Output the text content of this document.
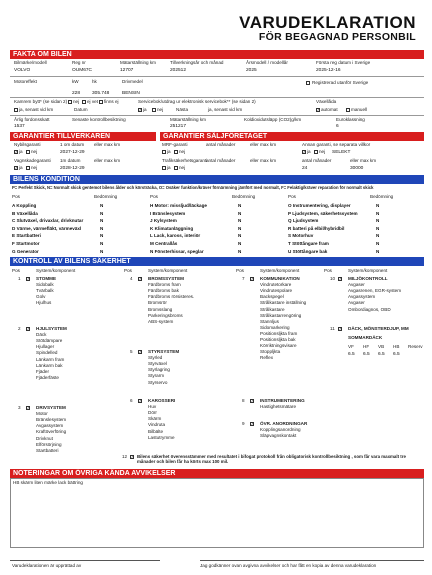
VARUDEKLARATION
FÖR BEGAGNAD PERSONBIL
FAKTA OM BILEN
Bilmärke/modell
VOLVO
Reg nr
OUM67C
Mätarställning km
12707
Tillverkningsår och månad
202512
Årsmodell / modellår
2025
Första reg datum i Sverige
2025-12-16
Motoreffekt	kW	hk	Drivmedel
228 305.748	BENSIN
Registrerad utanför Sverige
Kamrem bytt* (se sidan 2) nej ej vet finns ej	Servicebok/utdrag ur elektronisk servicebok** (se sidan 2)	Växellåda
ja, senast vid km	Datum ✓	ja nej	Nästa	ja, senast vid km ✓	automat	manuell
Årlig fordonsskatt
1537
Senaste kontrollbesiktning	Mätarställning km
251217
Koldioxidutsläpp (CO2)g/km	Euroklassning
6
GARANTIER TILLVERKAREN	GARANTIER SÄLJFÖRETAGET
Nybilsgaranti	1 om datum eller max km
✓
ja nej	2027-12-29
Vagnskadegaranti 1m datum	eller max km
✓
ja nej	2028-12-29
MRF-garanti	antal månader	eller max km	Annan garanti, se separata villkor
ja nej ✓	ja nej SELEKT
Trafiksäkerhetsgaranti
antal månader	eller max km	antal månader	eller max km
ja nej	24	30000
BILENS KONDITION
P= Perfekt Skick, N= Normalt skick gentemot bilens ålder och körsträcka, O= Osäker funktion/kräver förnärmning jämfört med normalt, F= Felaktig/kräver reparation för normalt skick
Pos	Bedömning
A Koppling	N
B Växellåda	N
C Slutväxel, drivaxlar, drivknutar	N
D Värme, värmefläkt, värmeväxl	N
E Startbatteri	N
F Startmotor	N
G Generator	N
Pos	Bedömning
H Motor: missljud/läckage	N
I Bränslesystem	N
J Kylsystem	N
K Klimatanläggning	N
L Lack, kaross, interiör	N
M Centrallås	N
N Fönsterhissar, speglar	N
Pos	Bedömning
O Instrumentering, displayer	N
P Ljudsystem, säkerhetssystem	N
Q Ljudsystem	N
R batteri på elbil/hybridbil	N
S Motorhuv	N
T Stöttångare fram	N
U Stöttångare bak	N
KONTROLL AV BILENS SÄKERHET
Pos	System/komponent
1 ✓	STOMME
Sidobalk
Tvärbalk
Golv
Hjulhus
2 ✓	HJULSYSTEM
Däck
Stötdämpare
Hjullager
Spindelled
Länkarm fram
Länkarm bak
Fjäder
Fjäderfäste
3 ✓	DRIVSYSTEM
Motor
Bränslesystem
Avgassystem
Kraftöverföring
Drivknut
Elförsörjning
Startbatteri
Pos	System/komponent
4 ✓	BROMSSYSTEM
Färdbroms fram
Färdbroms bak
Färdbroms rörsisteres.
Bromsrör
Bromsslang
Parkeringsbroms
ABS-system
5 ✓	STYRSYSTEM
Styrled
Styrväxel
Styrlagring
Styrarm
Styrservo
6 ✓	KAROSSERI
Huv
Dörr
Skärm
Vindruta
Bilbälte
Lastutrymme
Pos	System/komponent
7 ✓	KOMMUNIKATION
Vindrutetorkare
Vindrutespolare
Backspegel
Strålkastare inställning
Strålkastare
Strålkastarrengöring
Stannljus
Sidomarkering
Positionsljkta fram
Positionsljkta bak
Körriktningsvisare
Stoppljkta
Reflex
8 ✓	INSTRUMENTERING
Hastighetsmätare
9 ✓	ÖVR. ANORDNINGAR
Kopplingsanordning
Släpvagnskontakt
Pos	System/komponent
10 ✓	MILJÖKONTROLL
Avgaser
Avgasrenen, EGR-system
Avgassystem
Avgaser
Ombordiagnos, OBD
11 ✓	DÄCK, MÖNSTERDJUP, MM
SOMMARDÄCK
VF
6.5
HF
6.5
VB
6.5
HB
6.5
Reserv
12 ✓ Bilens säkerhet överensstämmer med resultatet i bifogat protokoll från obligatorisk kontrollbesiktning , som får vara maxmalt tre månader och bilen får ha körts max 100 mil.
NOTERINGAR OM ÖVRIGA KÄNDA AVVIKELSER
HB skärm liten märke lack bättring
Varudeklarationen är upprättad av	Jag godkänner ovan avgivna avvikelser och har fått en kopia av denna varudeklaration
